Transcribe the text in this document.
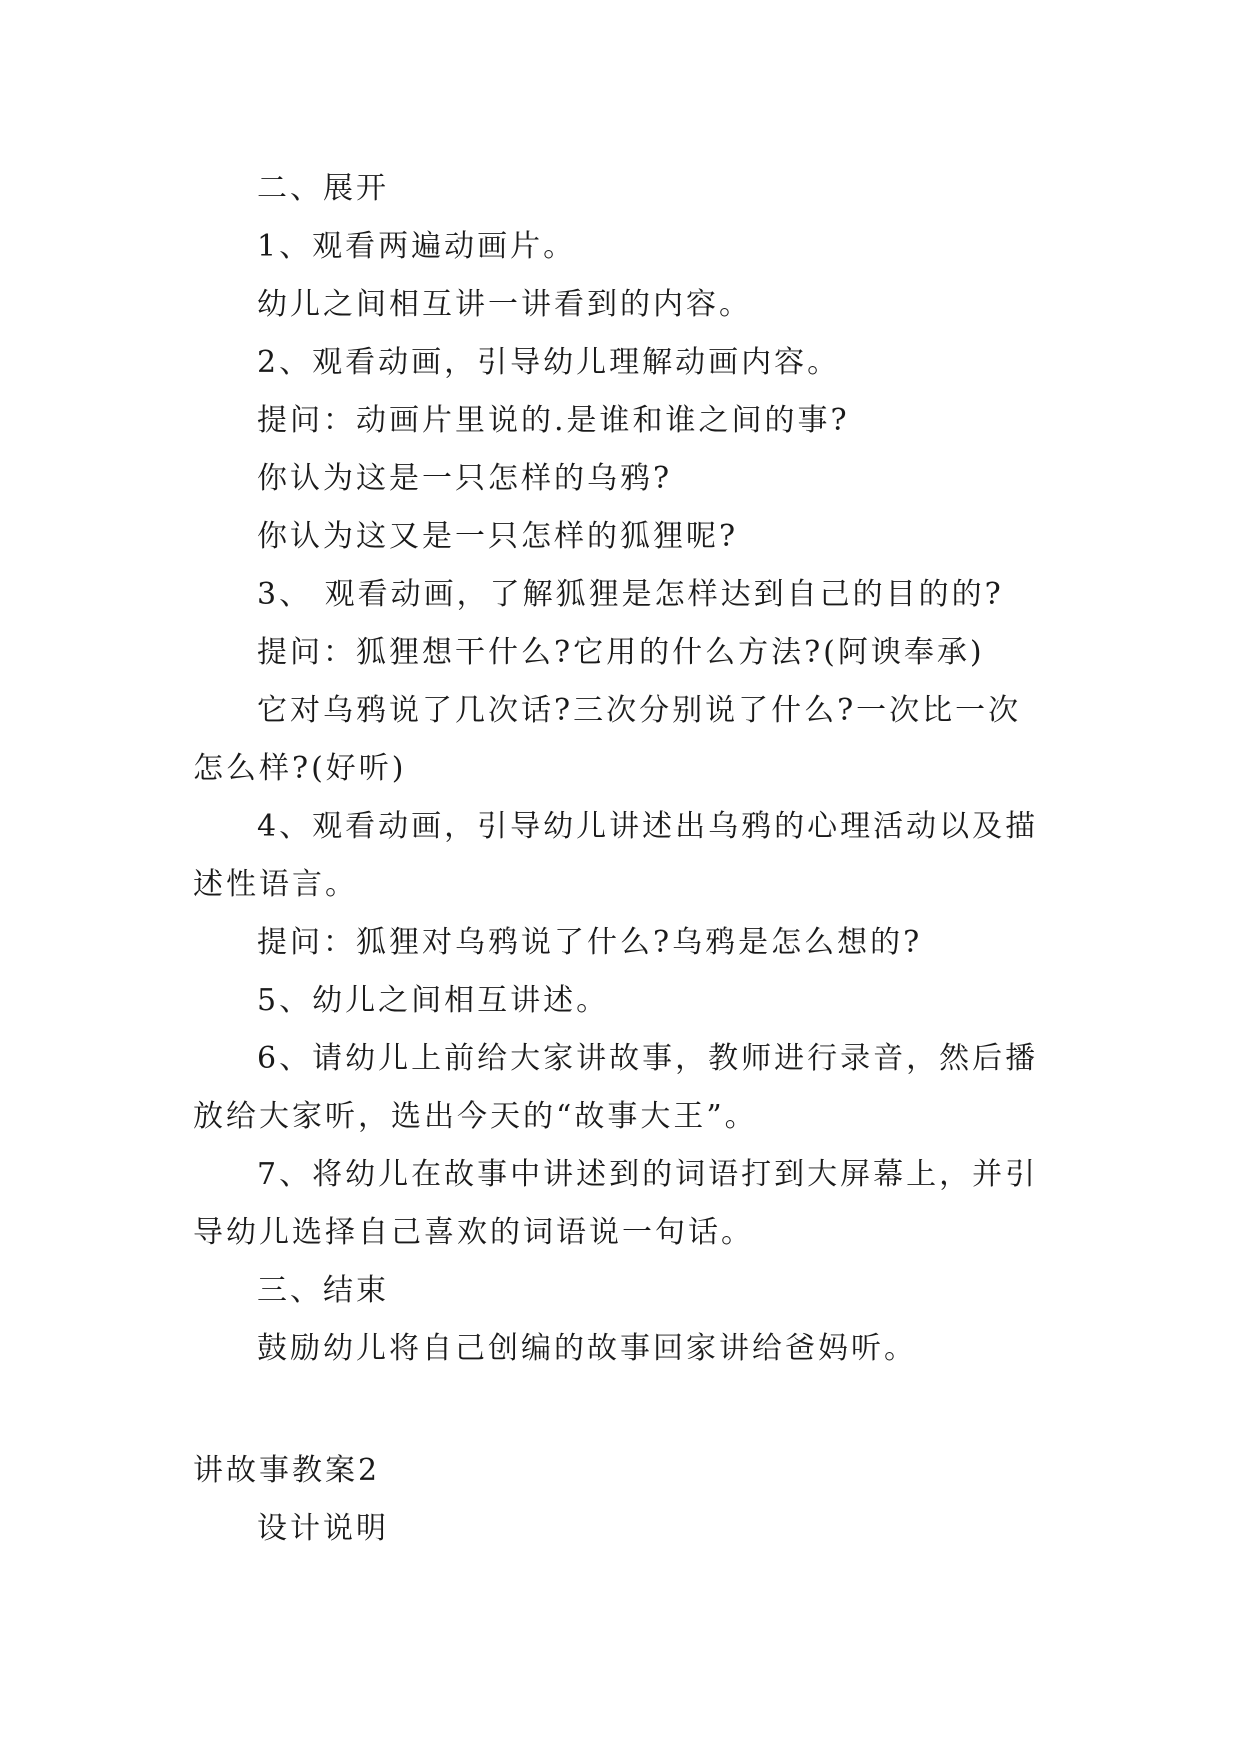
二、展开

1、观看两遍动画片。

幼儿之间相互讲一讲看到的内容。

2、观看动画，引导幼儿理解动画内容。

提问：动画片里说的.是谁和谁之间的事?

你认为这是一只怎样的乌鸦?

你认为这又是一只怎样的狐狸呢?

3、 观看动画，了解狐狸是怎样达到自己的目的的?

提问：狐狸想干什么?它用的什么方法?(阿谀奉承)

它对乌鸦说了几次话?三次分别说了什么?一次比一次怎么样?(好听)

4、观看动画，引导幼儿讲述出乌鸦的心理活动以及描述性语言。

提问：狐狸对乌鸦说了什么?乌鸦是怎么想的?

5、幼儿之间相互讲述。

6、请幼儿上前给大家讲故事，教师进行录音，然后播放给大家听，选出今天的“故事大王”。

7、将幼儿在故事中讲述到的词语打到大屏幕上，并引导幼儿选择自己喜欢的词语说一句话。

三、结束

鼓励幼儿将自己创编的故事回家讲给爸妈听。

讲故事教案2

设计说明
